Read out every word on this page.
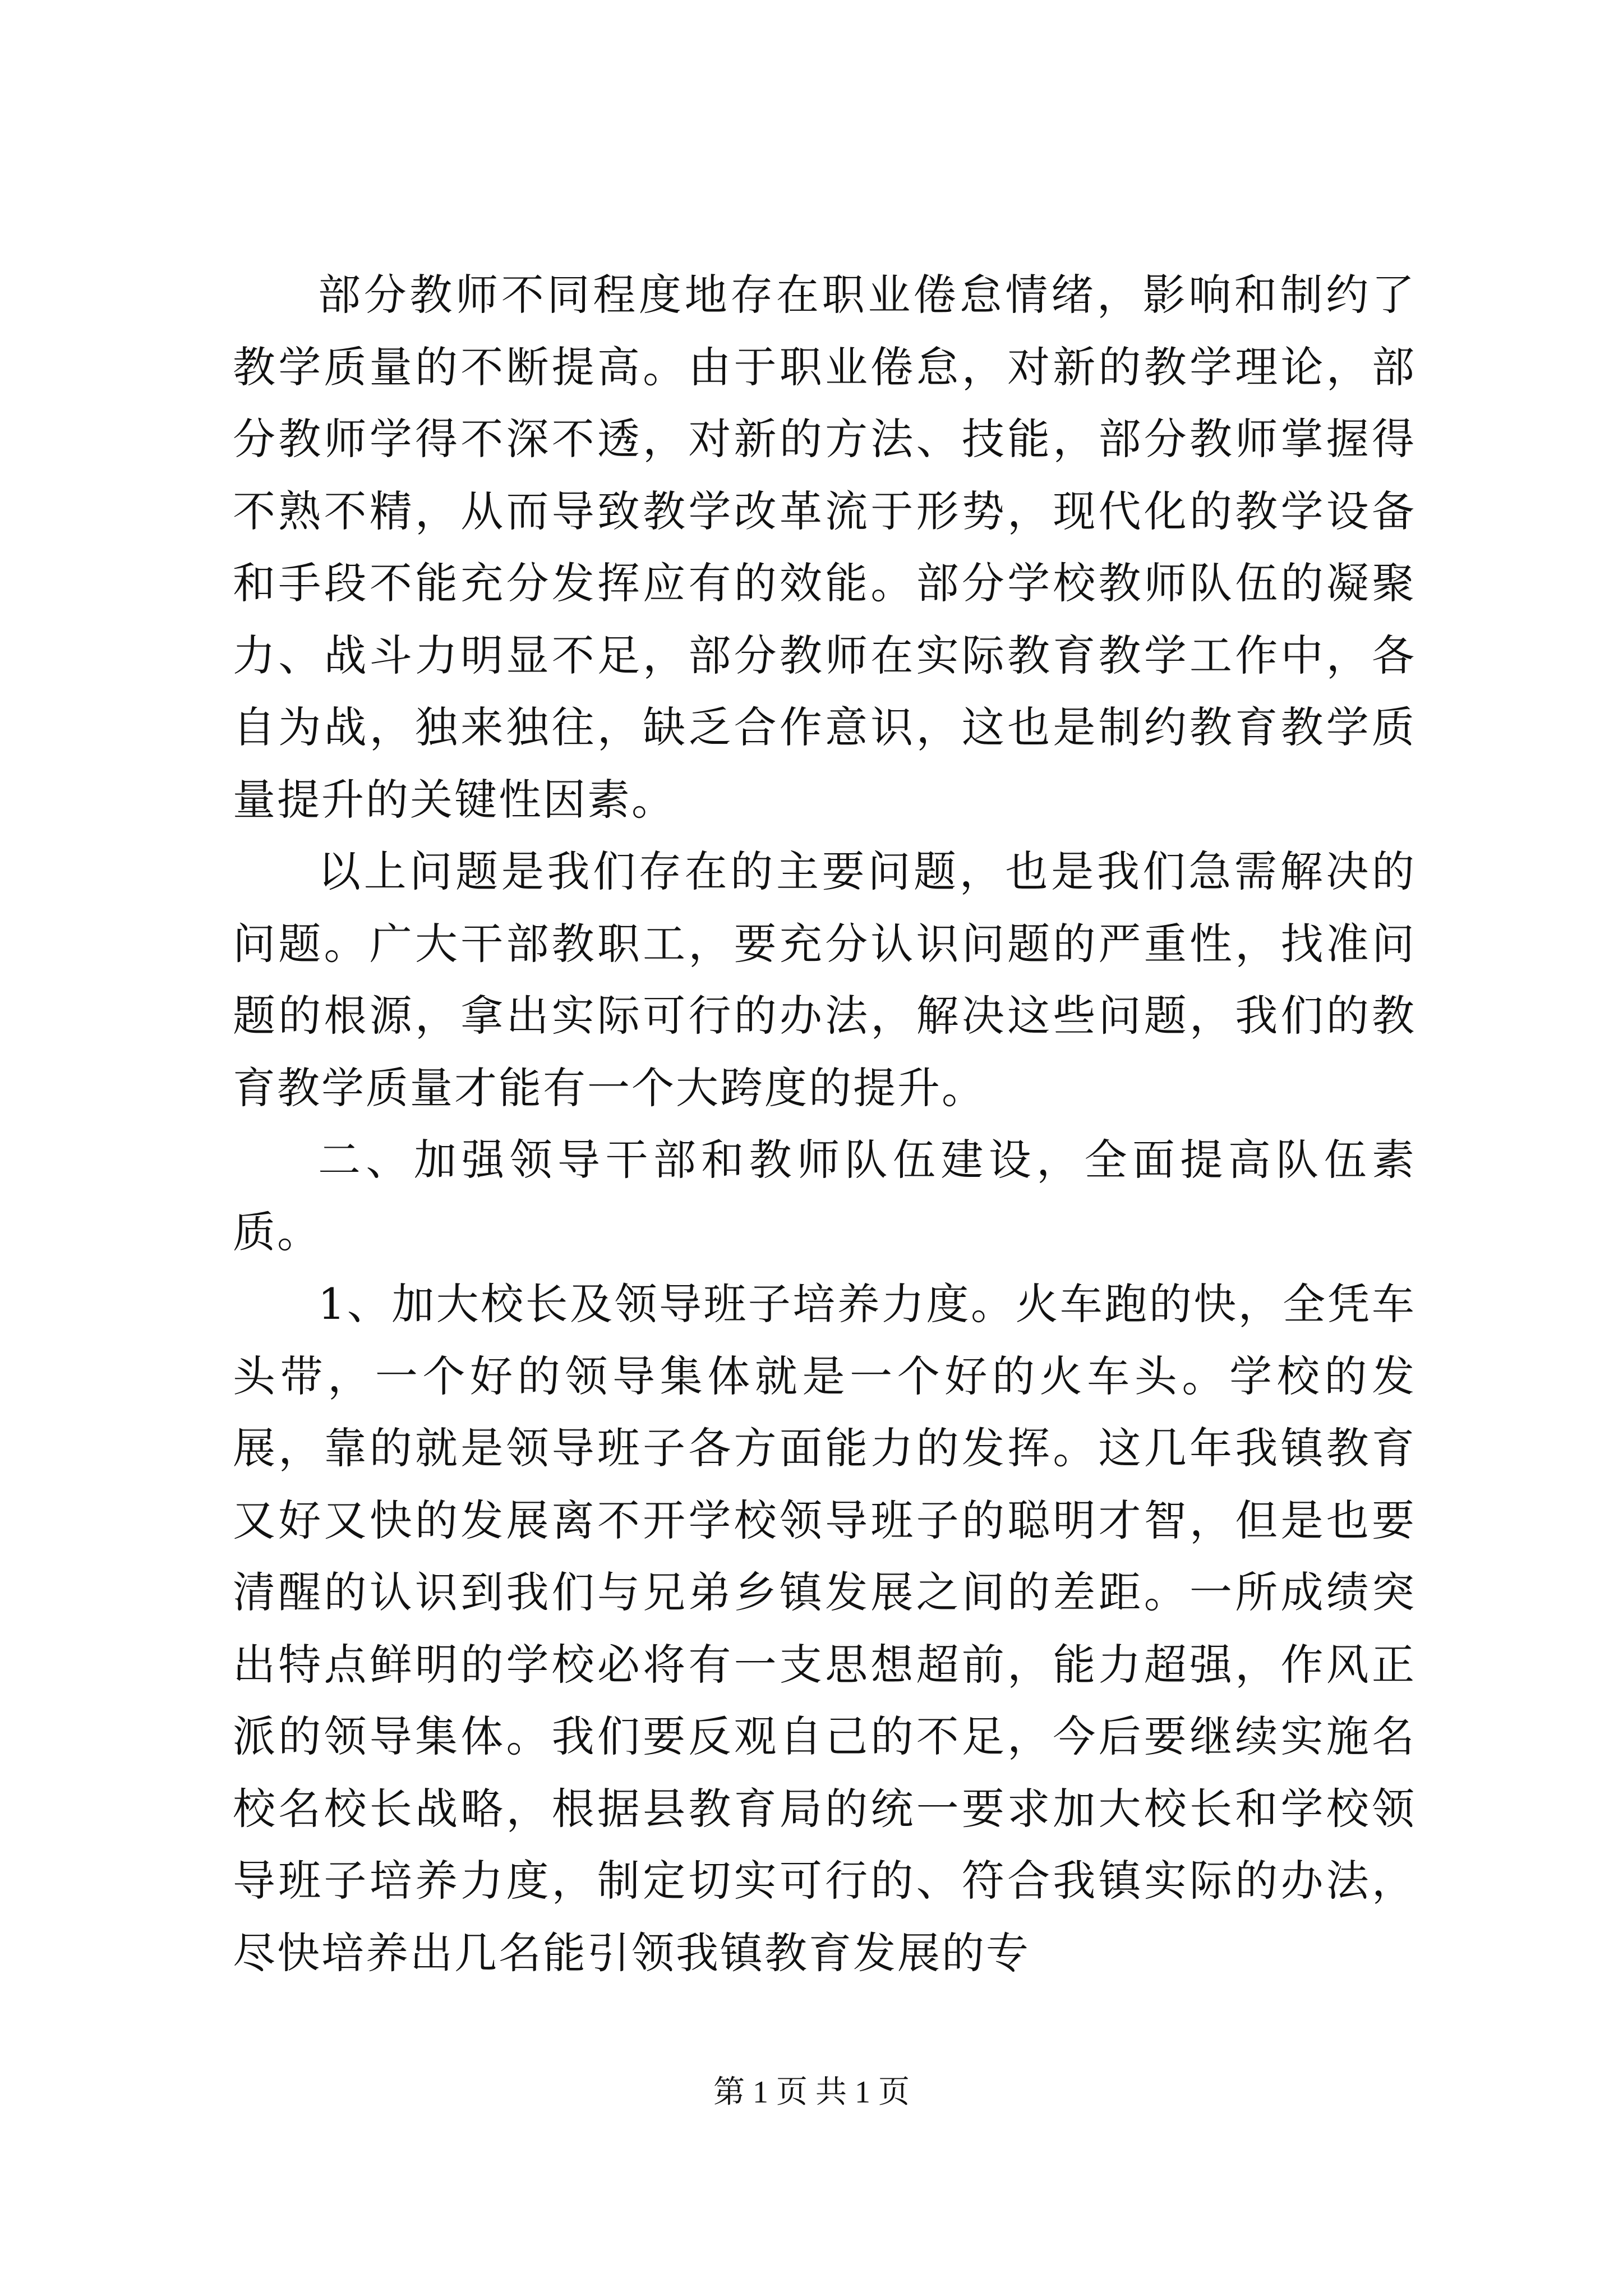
部分教师不同程度地存在职业倦怠情绪，影响和制约了教学质量的不断提高。由于职业倦怠，对新的教学理论，部分教师学得不深不透，对新的方法、技能，部分教师掌握得不熟不精，从而导致教学改革流于形势，现代化的教学设备和手段不能充分发挥应有的效能。部分学校教师队伍的凝聚力、战斗力明显不足，部分教师在实际教育教学工作中，各自为战，独来独往，缺乏合作意识，这也是制约教育教学质量提升的关键性因素。

以上问题是我们存在的主要问题，也是我们急需解决的问题。广大干部教职工，要充分认识问题的严重性，找准问题的根源，拿出实际可行的办法，解决这些问题，我们的教育教学质量才能有一个大跨度的提升。

二、加强领导干部和教师队伍建设，全面提高队伍素质。

1、加大校长及领导班子培养力度。火车跑的快，全凭车头带，一个好的领导集体就是一个好的火车头。学校的发展，靠的就是领导班子各方面能力的发挥。这几年我镇教育又好又快的发展离不开学校领导班子的聪明才智，但是也要清醒的认识到我们与兄弟乡镇发展之间的差距。一所成绩突出特点鲜明的学校必将有一支思想超前，能力超强，作风正派的领导集体。我们要反观自己的不足，今后要继续实施名校名校长战略，根据县教育局的统一要求加大校长和学校领导班子培养力度，制定切实可行的、符合我镇实际的办法，尽快培养出几名能引领我镇教育发展的专

第 1 页 共 1 页
